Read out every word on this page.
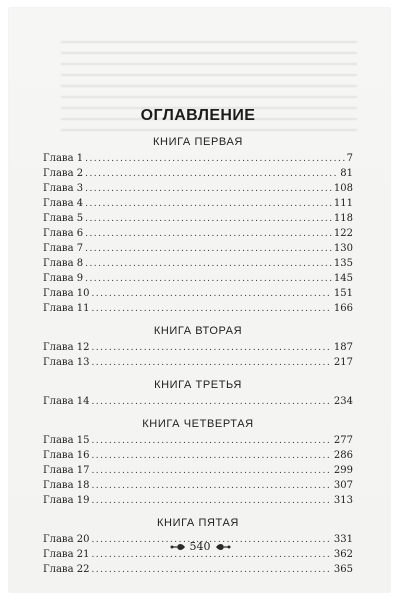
ОГЛАВЛЕНИЕ
КНИГА ПЕРВАЯ
Глава 1 .....	7
Глава 2 .....	81
Глава 3 .....	108
Глава 4 .....	111
Глава 5 .....	118
Глава 6 .....	122
Глава 7 .....	130
Глава 8 .....	135
Глава 9 .....	145
Глава 10 .....	151
Глава 11 .....	166
КНИГА ВТОРАЯ
Глава 12 .....	187
Глава 13 .....	217
КНИГА ТРЕТЬЯ
Глава 14 .....	234
КНИГА ЧЕТВЕРТАЯ
Глава 15 .....	277
Глава 16 .....	286
Глава 17 .....	299
Глава 18 .....	307
Глава 19 .....	313
КНИГА ПЯТАЯ
Глава 20 .....	331
Глава 21 .....	362
Глава 22 .....	365
540
